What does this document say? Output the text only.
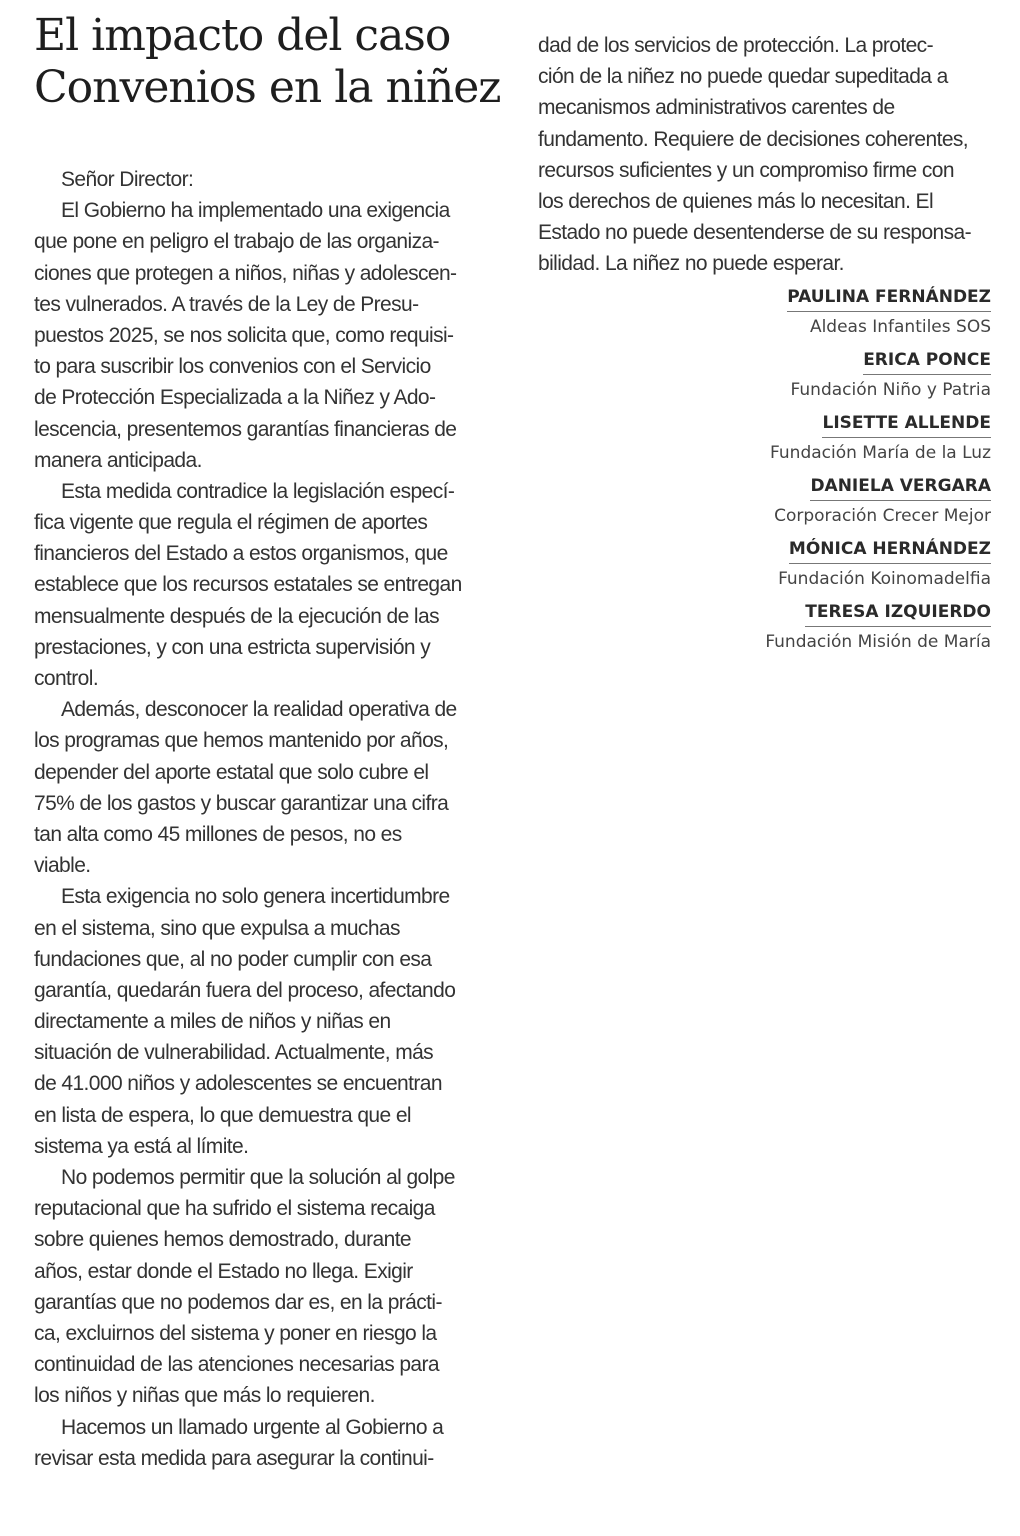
El impacto del caso
Convenios en la niñez
Señor Director:
El Gobierno ha implementado una exigencia
que pone en peligro el trabajo de las organiza-
ciones que protegen a niños, niñas y adolescen-
tes vulnerados. A través de la Ley de Presu-
puestos 2025, se nos solicita que, como requisi-
to para suscribir los convenios con el Servicio
de Protección Especializada a la Niñez y Ado-
lescencia, presentemos garantías financieras de
manera anticipada.
Esta medida contradice la legislación especí-
fica vigente que regula el régimen de aportes
financieros del Estado a estos organismos, que
establece que los recursos estatales se entregan
mensualmente después de la ejecución de las
prestaciones, y con una estricta supervisión y
control.
Además, desconocer la realidad operativa de
los programas que hemos mantenido por años,
depender del aporte estatal que solo cubre el
75% de los gastos y buscar garantizar una cifra
tan alta como 45 millones de pesos, no es
viable.
Esta exigencia no solo genera incertidumbre
en el sistema, sino que expulsa a muchas
fundaciones que, al no poder cumplir con esa
garantía, quedarán fuera del proceso, afectando
directamente a miles de niños y niñas en
situación de vulnerabilidad. Actualmente, más
de 41.000 niños y adolescentes se encuentran
en lista de espera, lo que demuestra que el
sistema ya está al límite.
No podemos permitir que la solución al golpe
reputacional que ha sufrido el sistema recaiga
sobre quienes hemos demostrado, durante
años, estar donde el Estado no llega. Exigir
garantías que no podemos dar es, en la prácti-
ca, excluirnos del sistema y poner en riesgo la
continuidad de las atenciones necesarias para
los niños y niñas que más lo requieren.
Hacemos un llamado urgente al Gobierno a
revisar esta medida para asegurar la continui-
dad de los servicios de protección. La protec-
ción de la niñez no puede quedar supeditada a
mecanismos administrativos carentes de
fundamento. Requiere de decisiones coherentes,
recursos suficientes y un compromiso firme con
los derechos de quienes más lo necesitan. El
Estado no puede desentenderse de su responsa-
bilidad. La niñez no puede esperar.
PAULINA FERNÁNDEZ
Aldeas Infantiles SOS
ERICA PONCE
Fundación Niño y Patria
LISETTE ALLENDE
Fundación María de la Luz
DANIELA VERGARA
Corporación Crecer Mejor
MÓNICA HERNÁNDEZ
Fundación Koinomadelfia
TERESA IZQUIERDO
Fundación Misión de María
